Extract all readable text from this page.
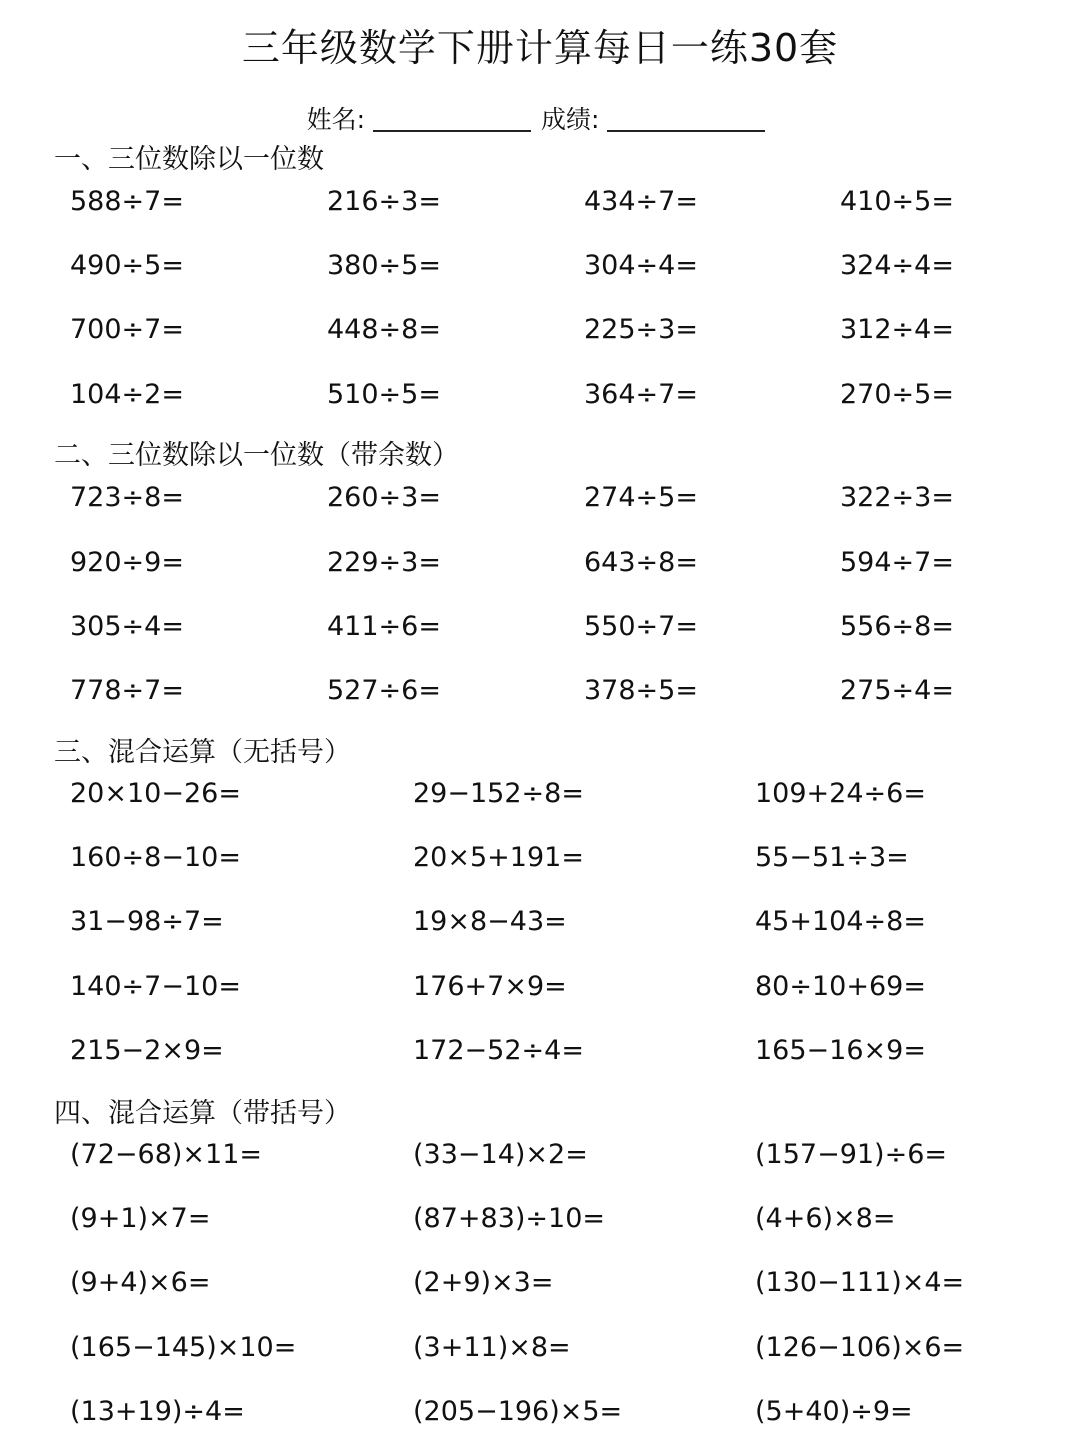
三年级数学下册计算每日一练30套
姓名:	成绩:
一、三位数除以一位数
588÷7=	216÷3=	434÷7=	410÷5=
490÷5=	380÷5=	304÷4=	324÷4=
700÷7=	448÷8=	225÷3=	312÷4=
104÷2=	510÷5=	364÷7=	270÷5=
二、三位数除以一位数（带余数）
723÷8=	260÷3=	274÷5=	322÷3=
920÷9=	229÷3=	643÷8=	594÷7=
305÷4=	411÷6=	550÷7=	556÷8=
778÷7=	527÷6=	378÷5=	275÷4=
三、混合运算（无括号）
20×10−26=	29−152÷8=	109+24÷6=
160÷8−10=	20×5+191=	55−51÷3=
31−98÷7=	19×8−43=	45+104÷8=
140÷7−10=	176+7×9=	80÷10+69=
215−2×9=	172−52÷4=	165−16×9=
四、混合运算（带括号）
(72−68)×11=	(33−14)×2=	(157−91)÷6=
(9+1)×7=	(87+83)÷10=	(4+6)×8=
(9+4)×6=	(2+9)×3=	(130−111)×4=
(165−145)×10=	(3+11)×8=	(126−106)×6=
(13+19)÷4=	(205−196)×5=	(5+40)÷9=
